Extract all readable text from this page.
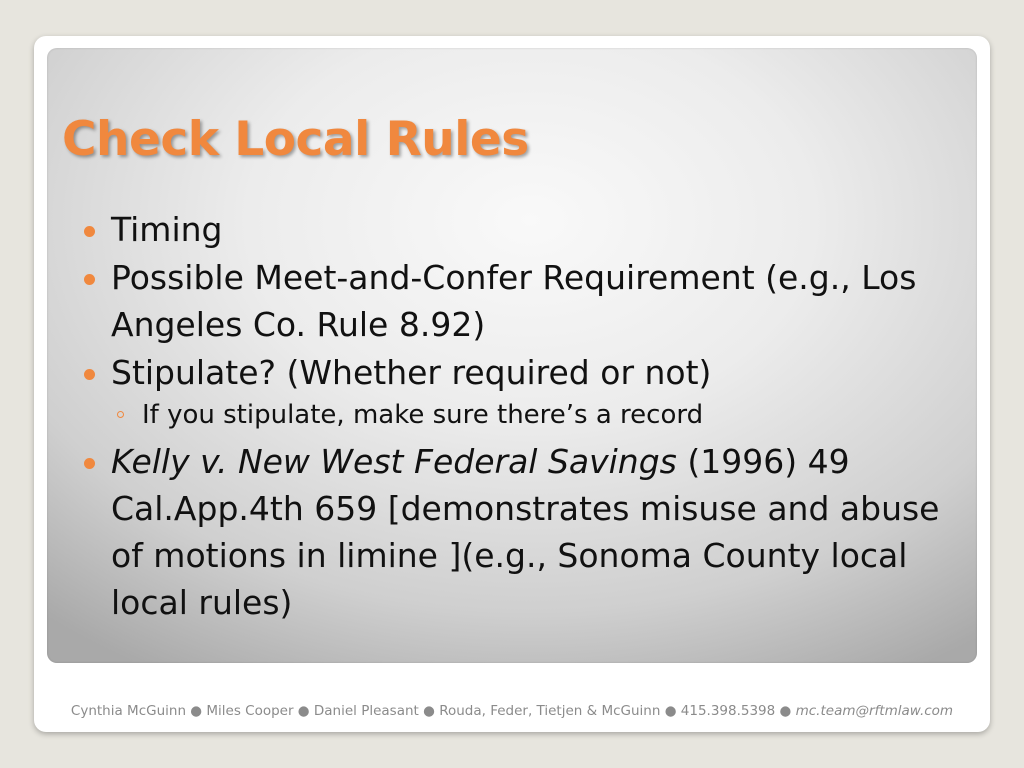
Check Local Rules
Timing
Possible Meet-and-Confer Requirement (e.g., Los Angeles Co. Rule 8.92)
Stipulate? (Whether required or not)
If you stipulate, make sure there’s a record
Kelly v. New West Federal Savings (1996) 49 Cal.App.4th 659 [demonstrates misuse and abuse of motions in limine ](e.g., Sonoma County local local rules)
Cynthia McGuinn ● Miles Cooper ● Daniel Pleasant ● Rouda, Feder, Tietjen & McGuinn ● 415.398.5398 ● mc.team@rftmlaw.com
